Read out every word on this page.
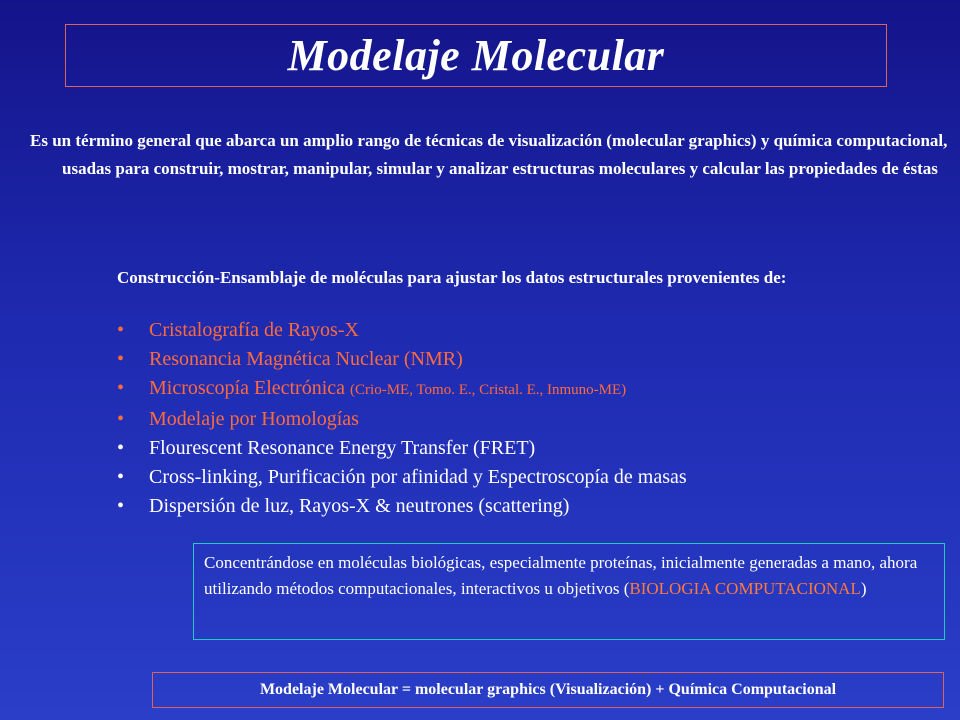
Modelaje Molecular

Es un término general que abarca un amplio rango de técnicas de visualización (molecular graphics) y química computacional, usadas para construir, mostrar, manipular, simular y analizar estructuras moleculares y calcular las propiedades de éstas

Construcción-Ensamblaje de moléculas para ajustar los datos estructurales provenientes de:

• Cristalografía de Rayos-X
• Resonancia Magnética Nuclear (NMR)
• Microscopía Electrónica (Crio-ME, Tomo. E., Cristal. E., Inmuno-ME)
• Modelaje por Homologías
• Flourescent Resonance Energy Transfer (FRET)
• Cross-linking, Purificación por afinidad y Espectroscopía de masas
• Dispersión de luz, Rayos-X & neutrones (scattering)
Concentrándose en moléculas biológicas, especialmente proteínas, inicialmente generadas a mano, ahora utilizando métodos computacionales, interactivos u objetivos (BIOLOGIA COMPUTACIONAL)
Modelaje Molecular = molecular graphics (Visualización) + Química Computacional
